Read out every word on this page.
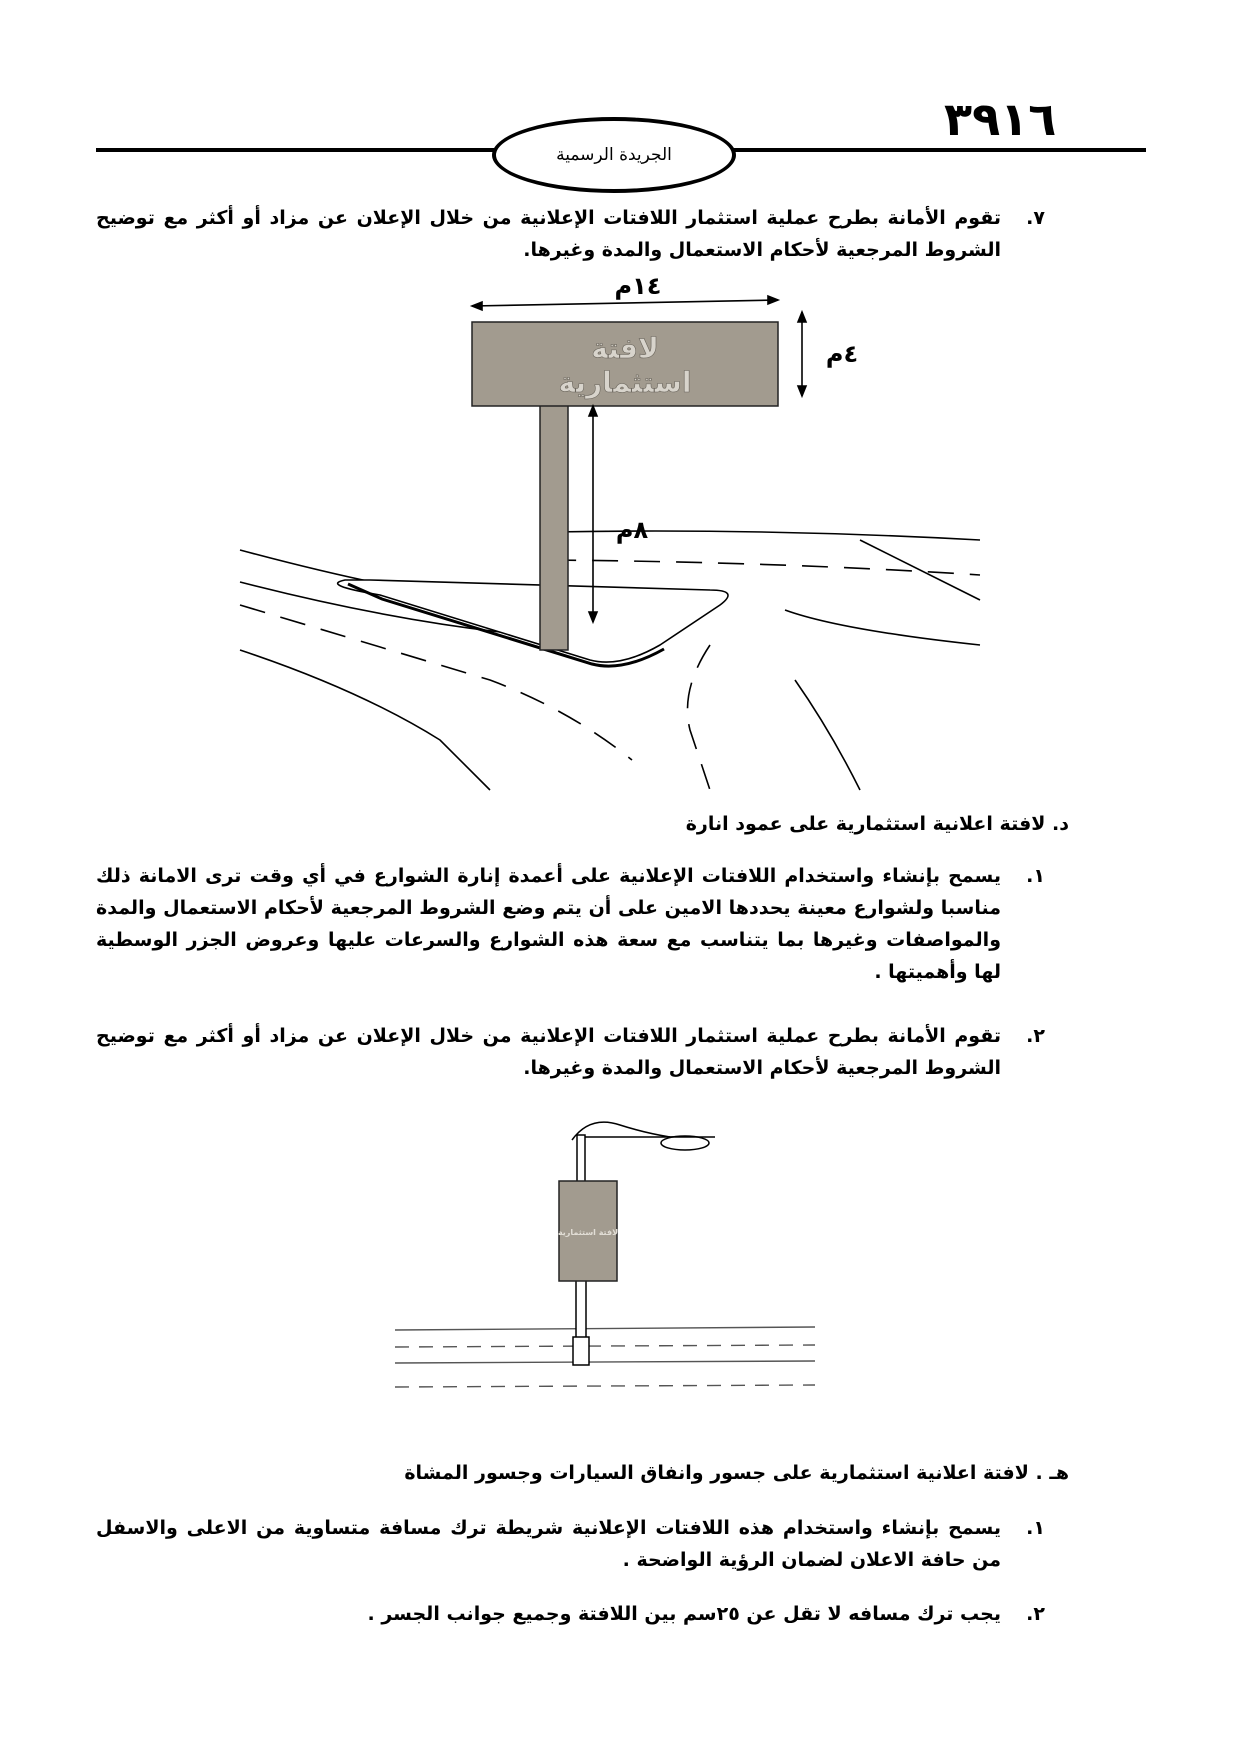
٣٩١٦
الجريدة الرسمية
٧.
تقوم الأمانة بطرح عملية استثمار اللافتات الإعلانية من خلال الإعلان عن مزاد أو أكثر مع توضيح الشروط المرجعية لأحكام الاستعمال والمدة وغيرها.
لافتة
استثمارية
١٤م
٤م
٨م
د. لافتة اعلانية استثمارية على عمود انارة
١.
يسمح بإنشاء واستخدام اللافتات الإعلانية على أعمدة إنارة الشوارع في أي وقت ترى الامانة ذلك مناسبا ولشوارع معينة يحددها الامين على أن يتم وضع الشروط المرجعية لأحكام الاستعمال والمدة والمواصفات وغيرها بما يتناسب مع سعة هذه الشوارع والسرعات عليها وعروض الجزر الوسطية لها وأهميتها .
٢.
تقوم الأمانة بطرح عملية استثمار اللافتات الإعلانية من خلال الإعلان عن مزاد أو أكثر مع توضيح الشروط المرجعية لأحكام الاستعمال والمدة وغيرها.
لافتة استثمارية
هـ . لافتة اعلانية استثمارية على جسور وانفاق السيارات وجسور المشاة
١.
يسمح بإنشاء واستخدام هذه اللافتات الإعلانية شريطة ترك مسافة متساوية من الاعلى والاسفل من حافة الاعلان لضمان الرؤية الواضحة .
٢.
يجب ترك مسافه لا تقل عن ٢٥سم بين اللافتة وجميع جوانب الجسر .
